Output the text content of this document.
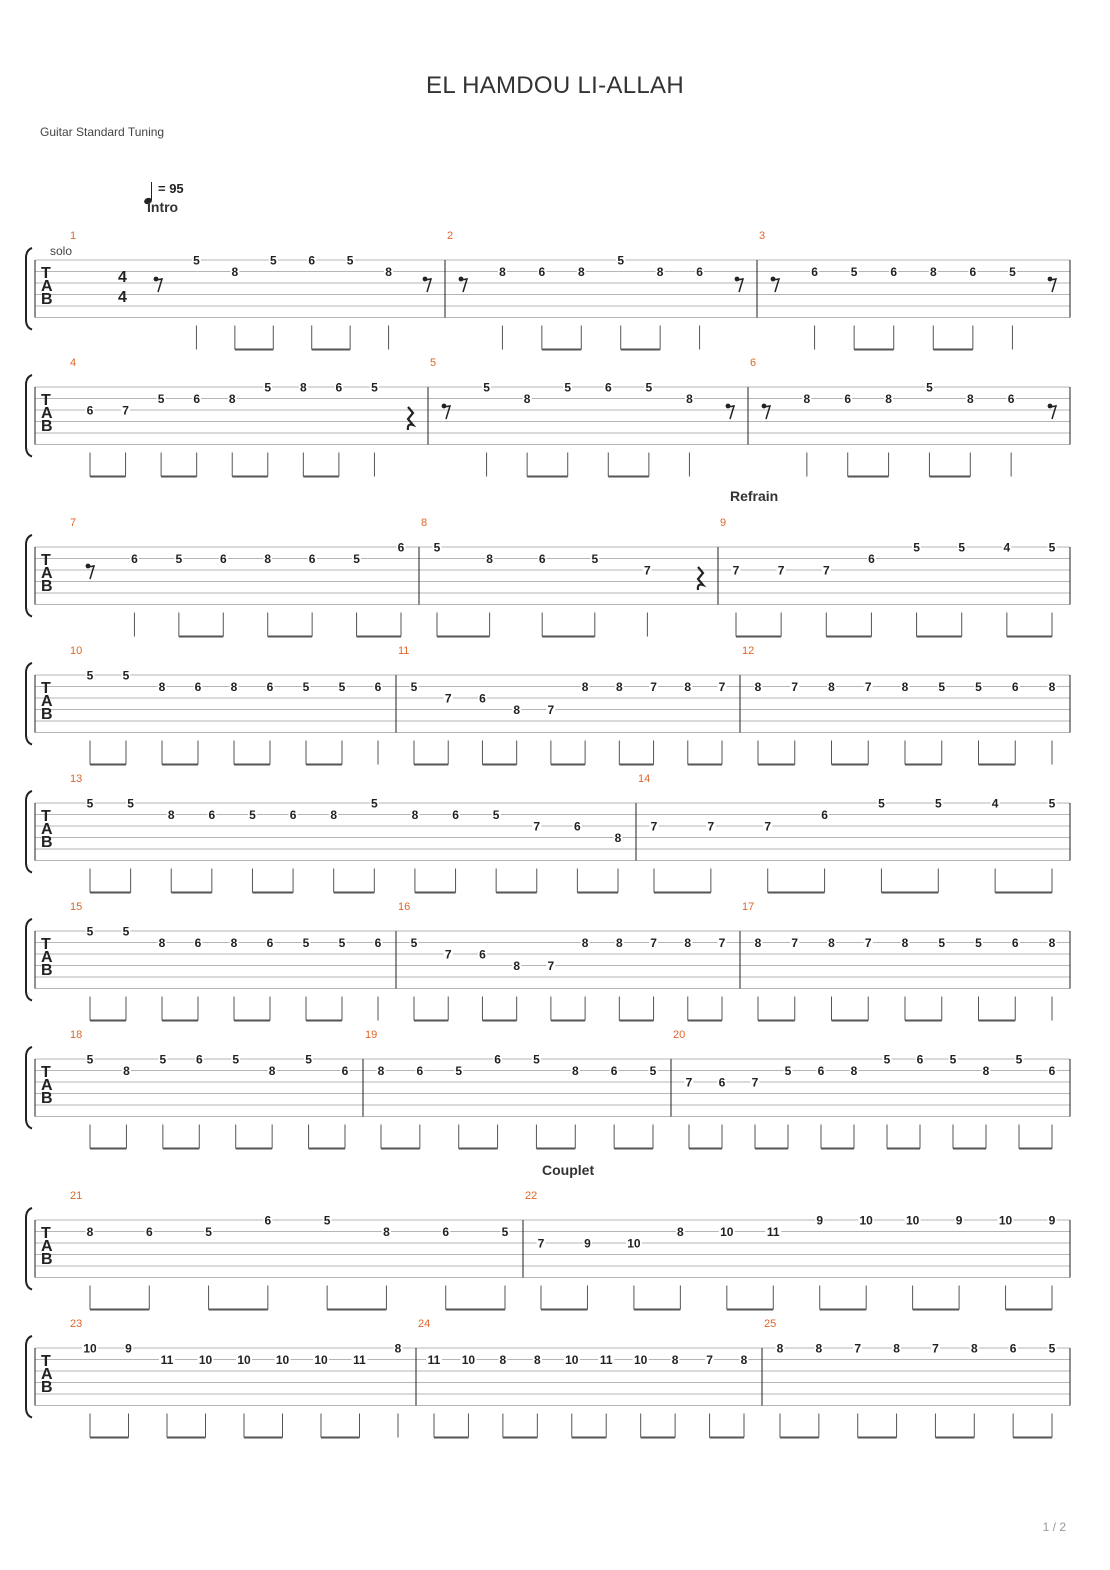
EL HAMDOU LI-ALLAH
Guitar Standard Tuning
= 95
Intro
Refrain
Couplet
solo
T
A
B
4
4
1
5
8
5	6	5
8
2
8	6	8
5
8	6
3
6	5	6	8	6	5
T
A
B
4
6 7
5 6 8
5 8 6 5
5
5
8
5	6	5
8
6
8	6	8
5
8	6
T
A
B
7
6	5	6	8	6	5
6
8
5
8	6	5
7
9
7	7	7
6
5	5	4	5
T
A
B
10
5 5
8 6 8 6 5 5 6
11
5
7 6
8 7
8 8 7 8 7
12
8	7	8	7	8	5	5	6	8
T
A
B
13
5	5
8	6	5	6	8
5
8	6	5
7	6
8
14
7	7	7
6
5	5	4	5
T
A
B
15
5 5
8 6 8 6 5 5 6
16
5
7 6
8 7
8 8 7 8 7
17
8	7	8	7	8	5	5	6	8
T
A
B
18
5
8
5 6 5
8
5
6
19
8	6	5
6	5
8	6	5
20
7 6 7
5 6 8
5 6 5
8
5
6
T
A
B
21
8	6	5
6	5
8	6	5
22
7	9	10
8	10	11
9	10	10	9	10	9
T
A
B
23
10 9
11 10 10 10 10 11
8
24
11 10 8 8 10 11 10 8 7 8
25
8	8	7	8	7	8	6	5
1 / 2
